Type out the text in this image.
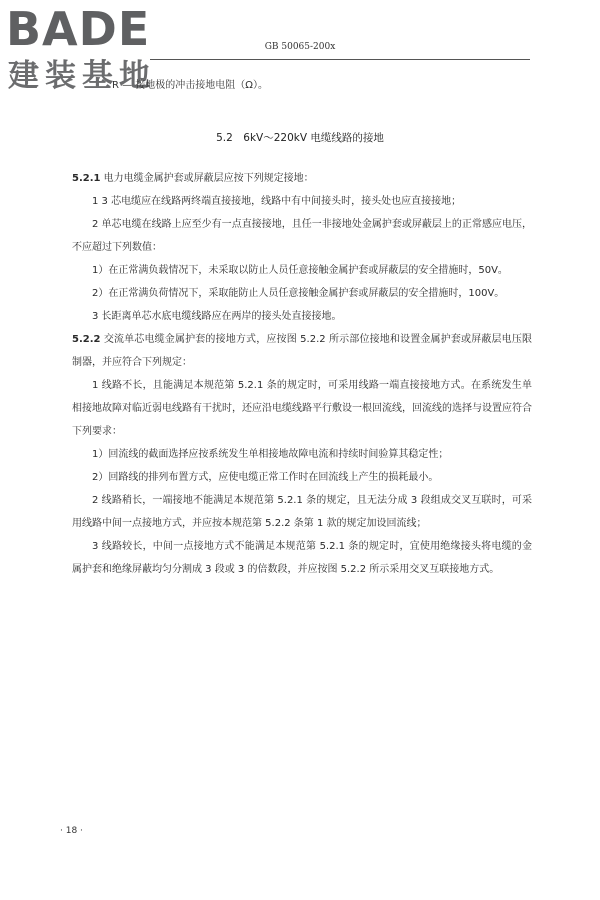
BADE
建装基地
GB 50065-200x
R — 接地极的冲击接地电阻（Ω）。
5.2　6kV～220kV 电缆线路的接地

5.2.1 电力电缆金属护套或屏蔽层应按下列规定接地：

1 3 芯电缆应在线路两终端直接接地，线路中有中间接头时，接头处也应直接接地；

2 单芯电缆在线路上应至少有一点直接接地，且任一非接地处金属护套或屏蔽层上的正常感应电压，不应超过下列数值：

1）在正常满负载情况下，未采取以防止人员任意接触金属护套或屏蔽层的安全措施时，50V。

2）在正常满负荷情况下，采取能防止人员任意接触金属护套或屏蔽层的安全措施时，100V。

3 长距离单芯水底电缆线路应在两岸的接头处直接接地。

5.2.2 交流单芯电缆金属护套的接地方式，应按图 5.2.2 所示部位接地和设置金属护套或屏蔽层电压限制器，并应符合下列规定：

1 线路不长，且能满足本规范第 5.2.1 条的规定时，可采用线路一端直接接地方式。在系统发生单相接地故障对临近弱电线路有干扰时，还应沿电缆线路平行敷设一根回流线，回流线的选择与设置应符合下列要求：

1）回流线的截面选择应按系统发生单相接地故障电流和持续时间验算其稳定性；

2）回路线的排列布置方式，应使电缆正常工作时在回流线上产生的损耗最小。

2 线路稍长，一端接地不能满足本规范第 5.2.1 条的规定，且无法分成 3 段组成交叉互联时，可采用线路中间一点接地方式，并应按本规范第 5.2.2 条第 1 款的规定加设回流线；

3 线路较长，中间一点接地方式不能满足本规范第 5.2.1 条的规定时，宜使用绝缘接头将电缆的金属护套和绝缘屏蔽均匀分割成 3 段或 3 的倍数段，并应按图 5.2.2 所示采用交叉互联接地方式。

· 18 ·
